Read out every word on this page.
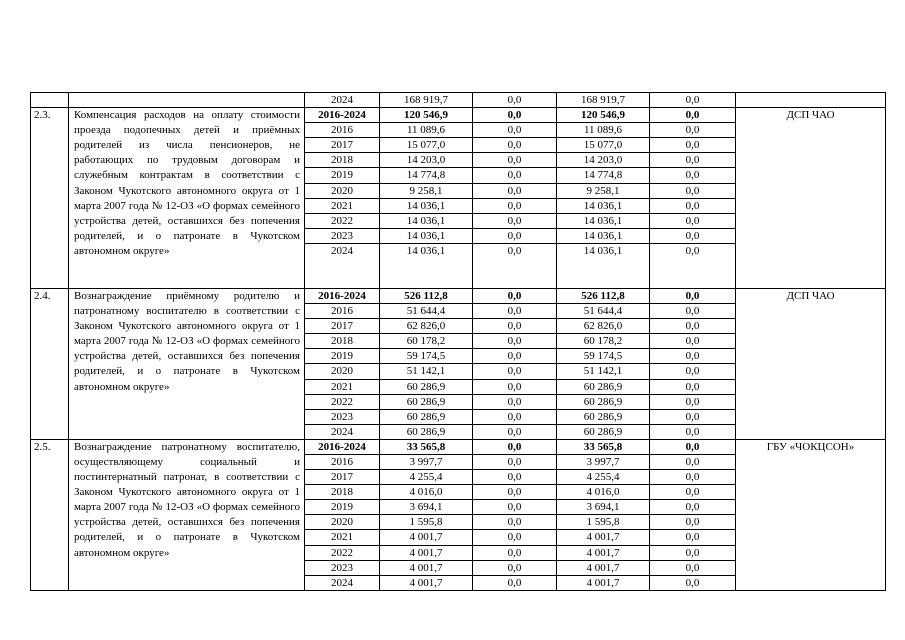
		2024	168 919,7	0,0	168 919,7	0,0	
2.3.	Компенсация расходов на оплату стоимости проезда подопечных детей и приёмных родителей из числа пенсионеров, не работающих по трудовым договорам и служебным контрактам в соответствии с Законом Чукотского автономного округа от 1 марта 2007 года № 12-ОЗ «О формах семейного устройства детей, оставшихся без попечения родителей, и о патронате в Чукотском автономном округе»	2016-2024	120 546,9	0,0	120 546,9	0,0	ДСП ЧАО
		2016	11 089,6	0,0	11 089,6	0,0	
		2017	15 077,0	0,0	15 077,0	0,0	
		2018	14 203,0	0,0	14 203,0	0,0	
		2019	14 774,8	0,0	14 774,8	0,0	
		2020	9 258,1	0,0	9 258,1	0,0	
		2021	14 036,1	0,0	14 036,1	0,0	
		2022	14 036,1	0,0	14 036,1	0,0	
		2023	14 036,1	0,0	14 036,1	0,0	
		2024	14 036,1	0,0	14 036,1	0,0	
2.4.	Вознаграждение приёмному родителю и патронатному воспитателю в соответствии с Законом Чукотского автономного округа от 1 марта 2007 года № 12-ОЗ «О формах семейного устройства детей, оставшихся без попечения родителей, и о патронате в Чукотском автономном округе»	2016-2024	526 112,8	0,0	526 112,8	0,0	ДСП ЧАО
		2016	51 644,4	0,0	51 644,4	0,0	
		2017	62 826,0	0,0	62 826,0	0,0	
		2018	60 178,2	0,0	60 178,2	0,0	
		2019	59 174,5	0,0	59 174,5	0,0	
		2020	51 142,1	0,0	51 142,1	0,0	
		2021	60 286,9	0,0	60 286,9	0,0	
		2022	60 286,9	0,0	60 286,9	0,0	
		2023	60 286,9	0,0	60 286,9	0,0	
		2024	60 286,9	0,0	60 286,9	0,0	
2.5.	Вознаграждение патронатному воспитателю, осуществляющему социальный и постинтернатный патронат, в соответствии с Законом Чукотского автономного округа от 1 марта 2007 года № 12-ОЗ «О формах семейного устройства детей, оставшихся без попечения родителей, и о патронате в Чукотском автономном округе»	2016-2024	33 565,8	0,0	33 565,8	0,0	ГБУ «ЧОКЦСОН»
		2016	3 997,7	0,0	3 997,7	0,0	
		2017	4 255,4	0,0	4 255,4	0,0	
		2018	4 016,0	0,0	4 016,0	0,0	
		2019	3 694,1	0,0	3 694,1	0,0	
		2020	1 595,8	0,0	1 595,8	0,0	
		2021	4 001,7	0,0	4 001,7	0,0	
		2022	4 001,7	0,0	4 001,7	0,0	
		2023	4 001,7	0,0	4 001,7	0,0	
		2024	4 001,7	0,0	4 001,7	0,0	
